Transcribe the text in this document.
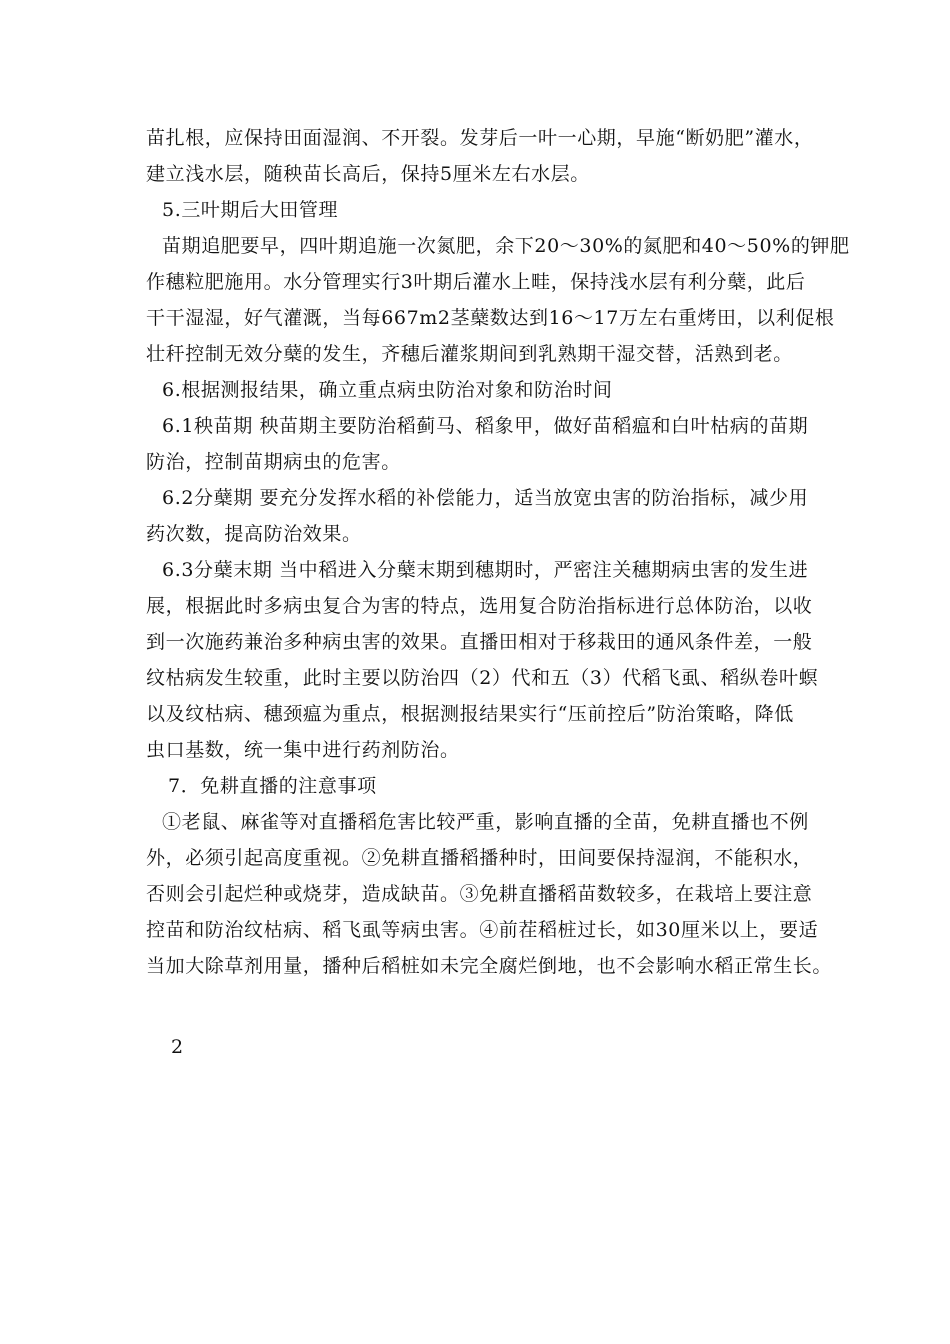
苗扎根，应保持田面湿润、不开裂。发芽后一叶一心期，早施“断奶肥”灌水，
建立浅水层，随秧苗长高后，保持5厘米左右水层。
5.三叶期后大田管理
苗期追肥要早，四叶期追施一次氮肥，余下20～30%的氮肥和40～50%的钾肥
作穗粒肥施用。水分管理实行3叶期后灌水上畦，保持浅水层有利分蘖，此后
干干湿湿，好气灌溉，当每667m2茎蘖数达到16～17万左右重烤田，以利促根
壮秆控制无效分蘖的发生，齐穗后灌浆期间到乳熟期干湿交替，活熟到老。
6.根据测报结果，确立重点病虫防治对象和防治时间
6.1秧苗期 秧苗期主要防治稻蓟马、稻象甲，做好苗稻瘟和白叶枯病的苗期
防治，控制苗期病虫的危害。
6.2分蘖期 要充分发挥水稻的补偿能力，适当放宽虫害的防治指标，减少用
药次数，提高防治效果。
6.3分蘖末期 当中稻进入分蘖末期到穗期时，严密注关穗期病虫害的发生进
展，根据此时多病虫复合为害的特点，选用复合防治指标进行总体防治，以收
到一次施药兼治多种病虫害的效果。直播田相对于移栽田的通风条件差，一般
纹枯病发生较重，此时主要以防治四（2）代和五（3）代稻飞虱、稻纵卷叶螟
以及纹枯病、穗颈瘟为重点，根据测报结果实行“压前控后”防治策略，降低
虫口基数，统一集中进行药剂防治。
7．免耕直播的注意事项
①老鼠、麻雀等对直播稻危害比较严重，影响直播的全苗，免耕直播也不例
外，必须引起高度重视。②免耕直播稻播种时，田间要保持湿润，不能积水，
否则会引起烂种或烧芽，造成缺苗。③免耕直播稻苗数较多，在栽培上要注意
控苗和防治纹枯病、稻飞虱等病虫害。④前茬稻桩过长，如30厘米以上，要适
当加大除草剂用量，播种后稻桩如未完全腐烂倒地，也不会影响水稻正常生长。
2
